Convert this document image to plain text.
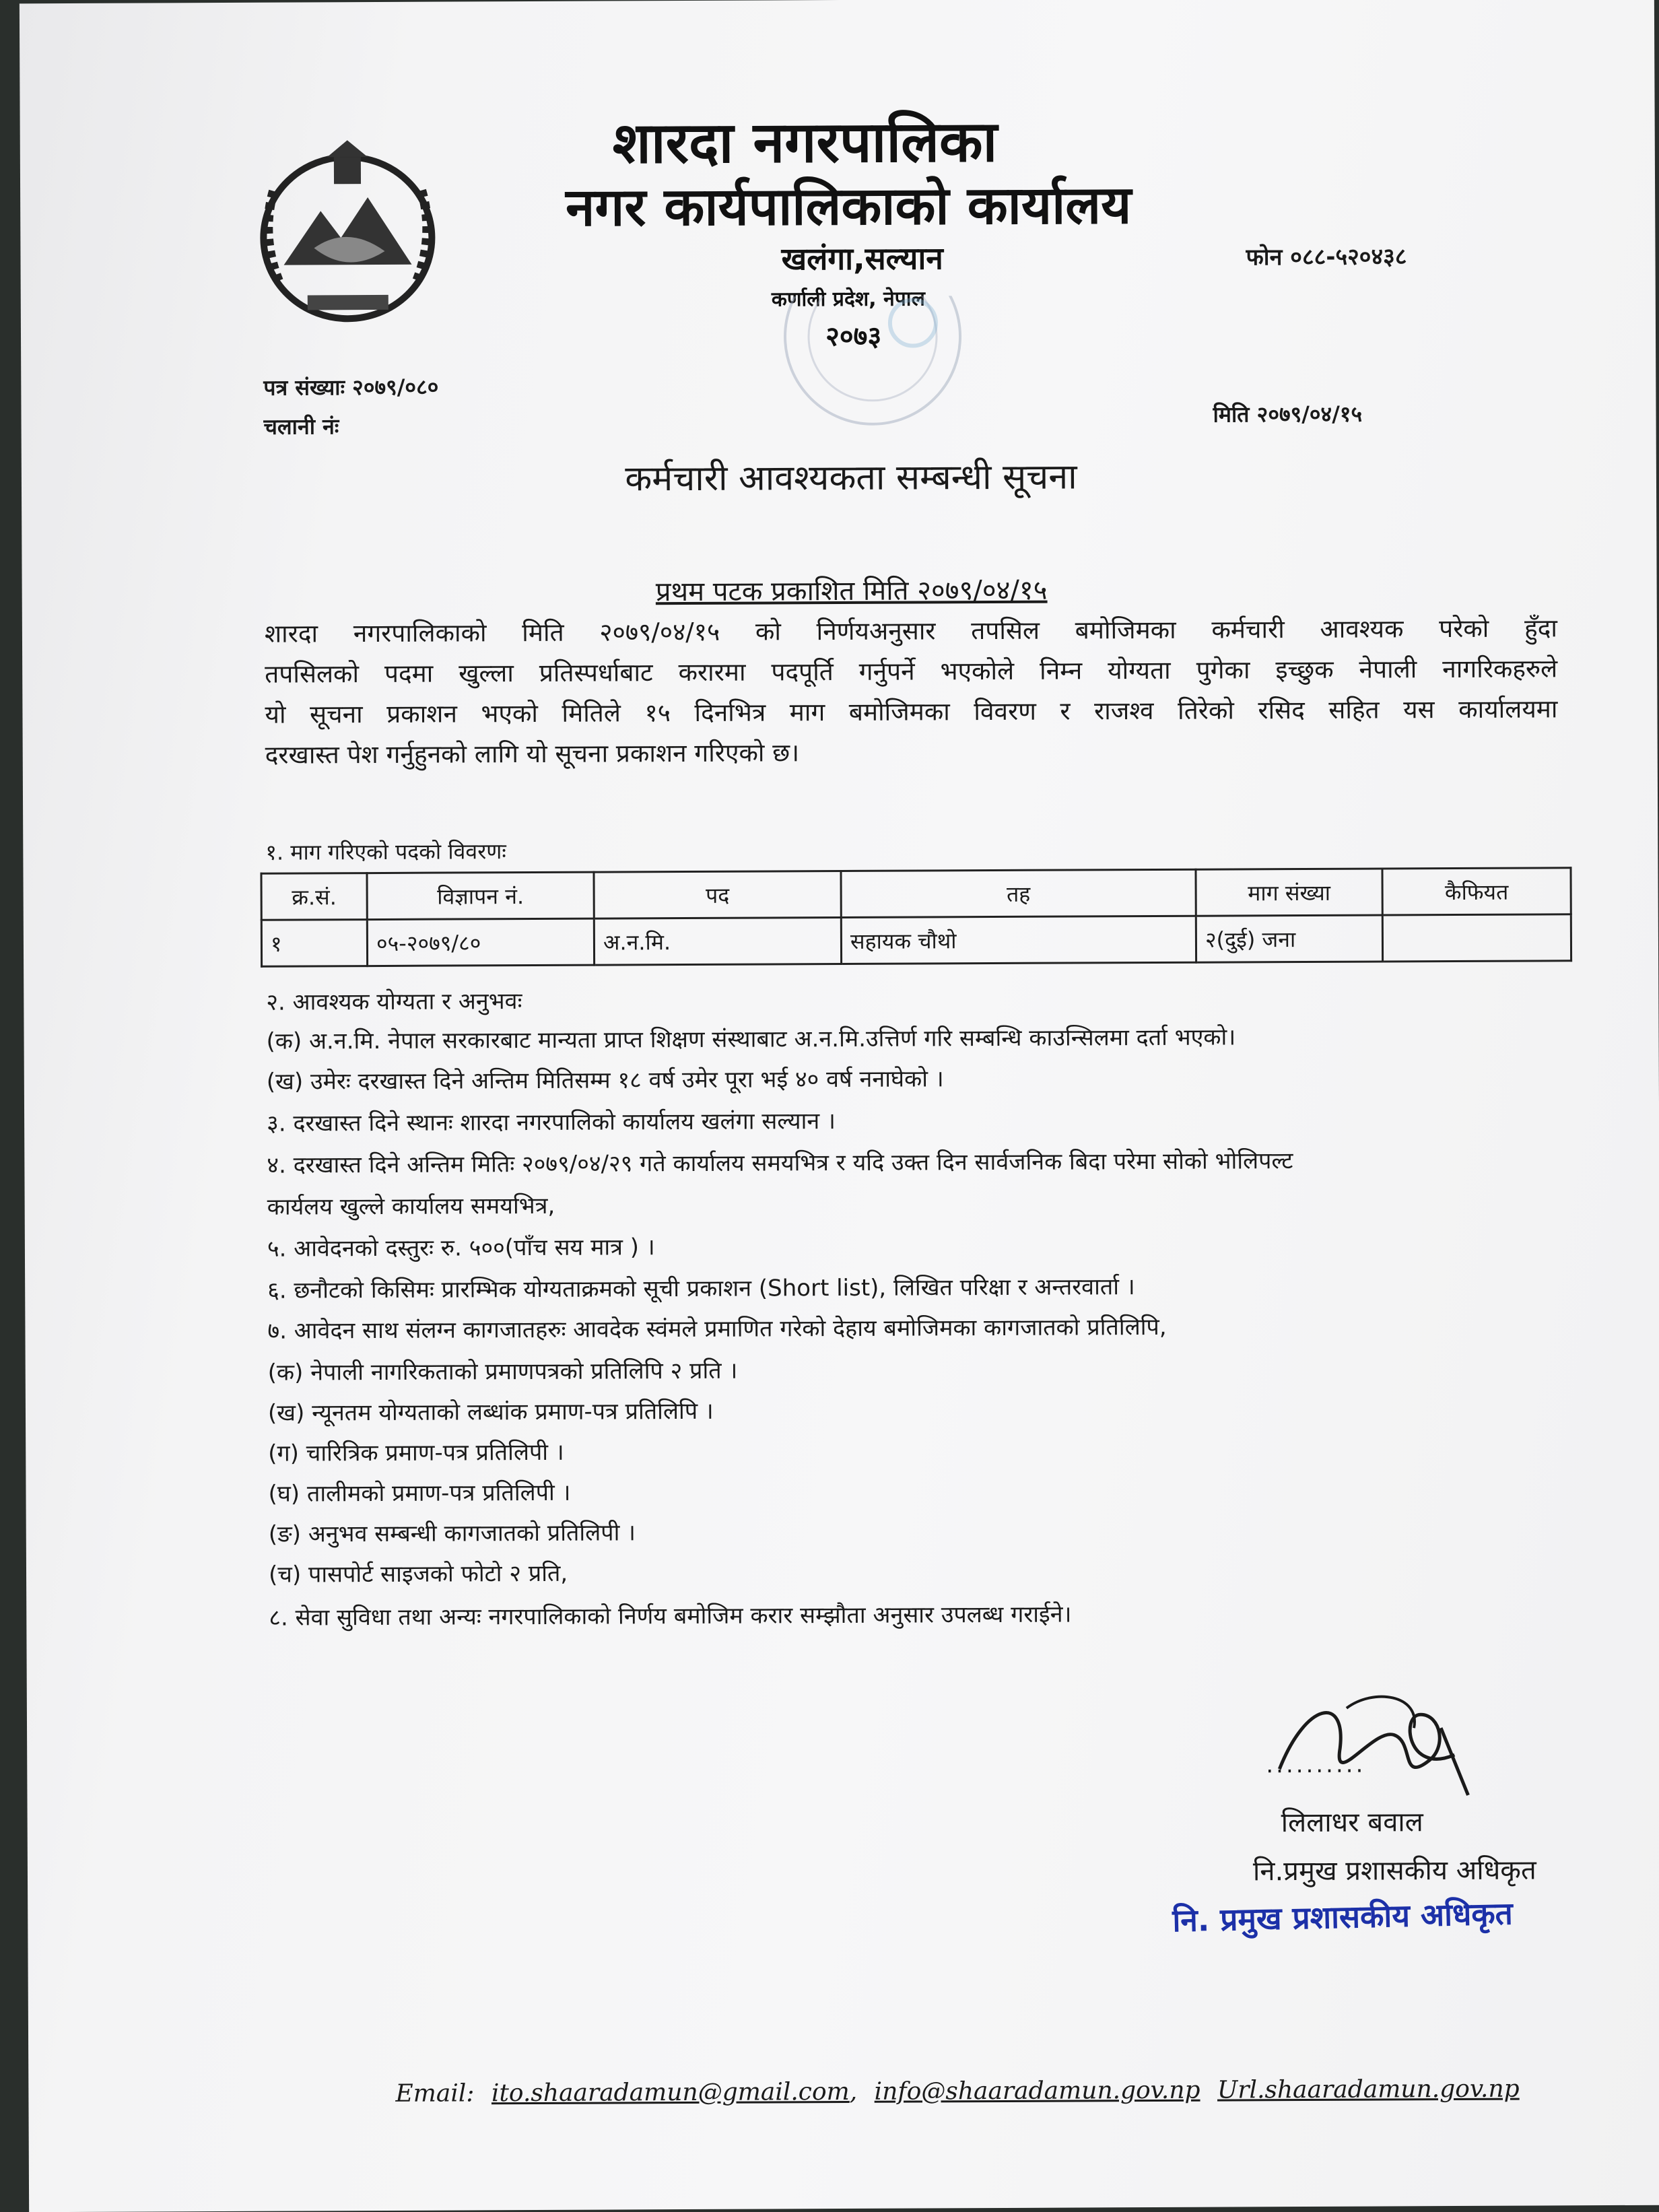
शारदा नगरपालिका
नगर कार्यपालिकाको कार्यालय
खलंगा,सल्यान
कर्णाली प्रदेश, नेपाल
२०७३
फोन ०८८-५२०४३८
पत्र संख्याः २०७९/०८०
चलानी नंः	मिति २०७९/०४/१५
कर्मचारी आवश्यकता सम्बन्धी सूचना
प्रथम पटक प्रकाशित मिति २०७९/०४/१५
शारदा नगरपालिकाको मिति २०७९/०४/१५ को निर्णयअनुसार तपसिल बमोजिमका कर्मचारी आवश्यक परेको हुँदा
तपसिलको पदमा खुल्ला प्रतिस्पर्धाबाट करारमा पदपूर्ति गर्नुपर्ने भएकोले निम्न योग्यता पुगेका इच्छुक नेपाली नागरिकहरुले
यो सूचना प्रकाशन भएको मितिले १५ दिनभित्र माग बमोजिमका विवरण र राजश्व तिरेको रसिद सहित यस कार्यालयमा
दरखास्त पेश गर्नुहुनको लागि यो सूचना प्रकाशन गरिएको छ।
१. माग गरिएको पदको विवरणः
क्र.सं.	विज्ञापन नं.	पद	तह	माग संख्या	कैफियत
१	०५-२०७९/८०	अ.न.मि.	सहायक चौथो	२(दुई) जना	
२. आवश्यक योग्यता र अनुभवः
(क) अ.न.मि. नेपाल सरकारबाट मान्यता प्राप्त शिक्षण संस्थाबाट अ.न.मि.उत्तिर्ण गरि सम्बन्धि काउन्सिलमा दर्ता भएको।
(ख) उमेरः दरखास्त दिने अन्तिम मितिसम्म १८ वर्ष उमेर पूरा भई ४० वर्ष ननाघेको ।
३. दरखास्त दिने स्थानः शारदा नगरपालिको कार्यालय खलंगा सल्यान ।
४. दरखास्त दिने अन्तिम मितिः २०७९/०४/२९ गते कार्यालय समयभित्र र यदि उक्त दिन सार्वजनिक बिदा परेमा सोको भोलिपल्ट
कार्यलय खुल्ले कार्यालय समयभित्र,
५. आवेदनको दस्तुरः रु. ५००(पाँच सय मात्र ) ।
६. छनौटको किसिमः प्रारम्भिक योग्यताक्रमको सूची प्रकाशन (Short list), लिखित परिक्षा र अन्तरवार्ता ।
७. आवेदन साथ संलग्न कागजातहरुः आवदेक स्वंमले प्रमाणित गरेको देहाय बमोजिमका कागजातको प्रतिलिपि,
(क) नेपाली नागरिकताको प्रमाणपत्रको प्रतिलिपि २ प्रति ।
(ख) न्यूनतम योग्यताको लब्धांक प्रमाण-पत्र प्रतिलिपि ।
(ग) चारित्रिक प्रमाण-पत्र प्रतिलिपी ।
(घ) तालीमको प्रमाण-पत्र प्रतिलिपी ।
(ङ) अनुभव सम्बन्धी कागजातको प्रतिलिपी ।
(च) पासपोर्ट साइजको फोटो २ प्रति,
८. सेवा सुविधा तथा अन्यः नगरपालिकाको निर्णय बमोजिम करार सम्झौता अनुसार उपलब्ध गराईने।
..........
लिलाधर बवाल
नि.प्रमुख प्रशासकीय अधिकृत
नि. प्रमुख प्रशासकीय अधिकृत
Email: ito.shaaradamun@gmail.com, info@shaaradamun.gov.np Url.shaaradamun.gov.np
